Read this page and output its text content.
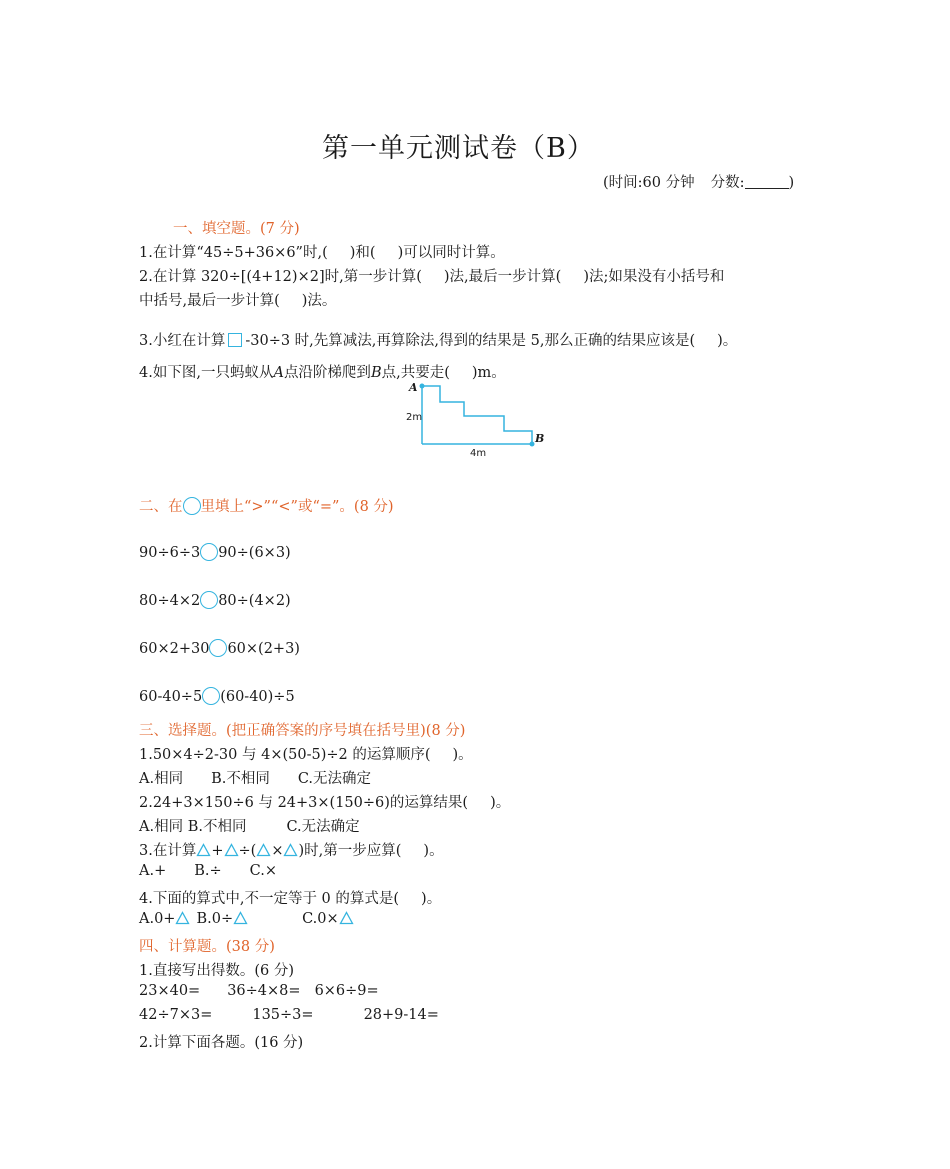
第一单元测试卷（B）
(时间:60 分钟 分数:	)
一、填空题。(7 分)
1.在计算“45÷5+36×6”时,( )和( )可以同时计算。
2.在计算 320÷[(4+12)×2]时,第一步计算( )法,最后一步计算( )法;如果没有小括号和
中括号,最后一步计算( )法。
3.小红在计算 -30÷3 时,先算减法,再算除法,得到的结果是 5,那么正确的结果应该是( )。
4.如下图,一只蚂蚁从A点沿阶梯爬到B点,共要走( )m。
A
B
2m
4m
二、在 里填上“>”“<”或“=”。(8 分)
90÷6÷3 90÷(6×3)
80÷4×2 80÷(4×2)
60×2+30 60×(2+3)
60-40÷5 (60-40)÷5
三、选择题。(把正确答案的序号填在括号里)(8 分)
1.50×4÷2-30 与 4×(50-5)÷2 的运算顺序( )。
A.相同 B.不相同 C.无法确定
2.24+3×150÷6 与 24+3×(150÷6)的运算结果( )。
A.相同 B.不相同	C.无法确定
3.在计算 + ÷( × )时,第一步应算( )。
A.+ B.÷ C.×
4.下面的算式中,不一定等于 0 的算式是( )。
A.0+ B.0÷	C.0×
四、计算题。(38 分)
1.直接写出得数。(6 分)
23×40= 36÷4×8= 6×6÷9=
42÷7×3=	135÷3=	28+9-14=
2.计算下面各题。(16 分)
